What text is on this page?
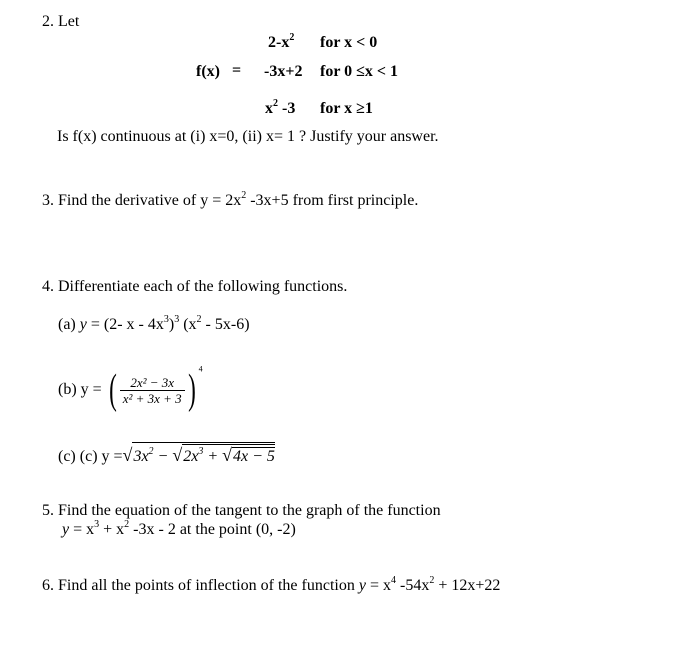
2. Let
$2-x^2$ for x < 0
f(x) = -3x+2 for 0 ≤x < 1
$x^2$ -3 for x ≥1
Is f(x) continuous at (i) x=0, (ii) x= 1 ? Justify your answer.
3. Find the derivative of $y = 2x^2$ -3x+5 from first principle.
4. Differentiate each of the following functions.
(a) y = (2- x - $4x^3)^3$ $(x^2 - 5x-6)$
(b) y = ( $\frac{\text{2x² − 3x}}{\text{x² + 3x + 3}}$ ) $^4$
(c) (c) $y =√3x^2 - √2x^3 + √4x - 5$
5. Find the equation of the tangent to the graph of the function
$y = x^3 + x^2$ -3x - 2 at the point (0, -2)
6. Find all the points of inflection of the function $y = x^4$ $-54x^2 + 12x+22$
